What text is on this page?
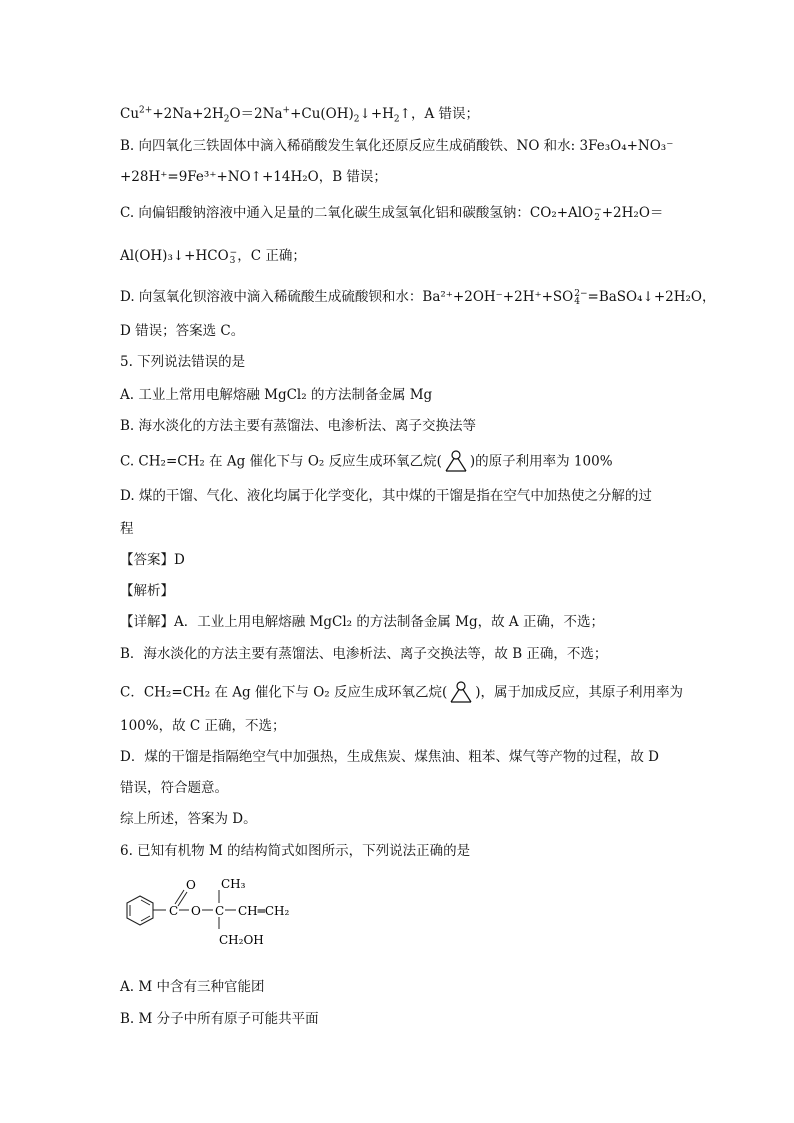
$Cu^{2+}+2Na+2H_2O=2Na^++Cu(OH)_2↓+H_2↑$，A 错误；
B. 向四氧化三铁固体中滴入稀硝酸发生氧化还原反应生成硝酸铁、NO 和水: 3Fe₃O₄+NO₃⁻
+28H⁺=9Fe³⁺+NO↑+14H₂O，B 错误；
C. 向偏铝酸钠溶液中通入足量的二氧化碳生成氢氧化铝和碳酸氢钠：CO₂+AlO −
2 +2H₂O＝
Al(OH)₃↓+HCO −
3 ，C 正确；
D. 向氢氧化钡溶液中滴入稀硫酸生成硫酸钡和水：Ba²⁺+2OH⁻+2H⁺+SO 2−
4 =BaSO₄↓+2H₂O，
D 错误；答案选 C。
5. 下列说法错误的是
A. 工业上常用电解熔融 MgCl₂ 的方法制备金属 Mg
B. 海水淡化的方法主要有蒸馏法、电渗析法、离子交换法等
C. CH₂=CH₂ 在 Ag 催化下与 O₂ 反应生成环氧乙烷( )的原子利用率为 100%
D. 煤的干馏、气化、液化均属于化学变化，其中煤的干馏是指在空气中加热使之分解的过
程
【答案】D
【解析】
【详解】A．工业上用电解熔融 MgCl₂ 的方法制备金属 Mg，故 A 正确，不选；
B．海水淡化的方法主要有蒸馏法、电渗析法、离子交换法等，故 B 正确，不选；
C．CH₂=CH₂ 在 Ag 催化下与 O₂ 反应生成环氧乙烷( )，属于加成反应，其原子利用率为
100%，故 C 正确，不选；
D．煤的干馏是指隔绝空气中加强热，生成焦炭、煤焦油、粗苯、煤气等产物的过程，故 D
错误，符合题意。
综上所述，答案为 D。
6. 已知有机物 M 的结构简式如图所示，下列说法正确的是
C
O
O C
CH₃
CH═CH₂
CH₂OH
A. M 中含有三种官能团
B. M 分子中所有原子可能共平面
